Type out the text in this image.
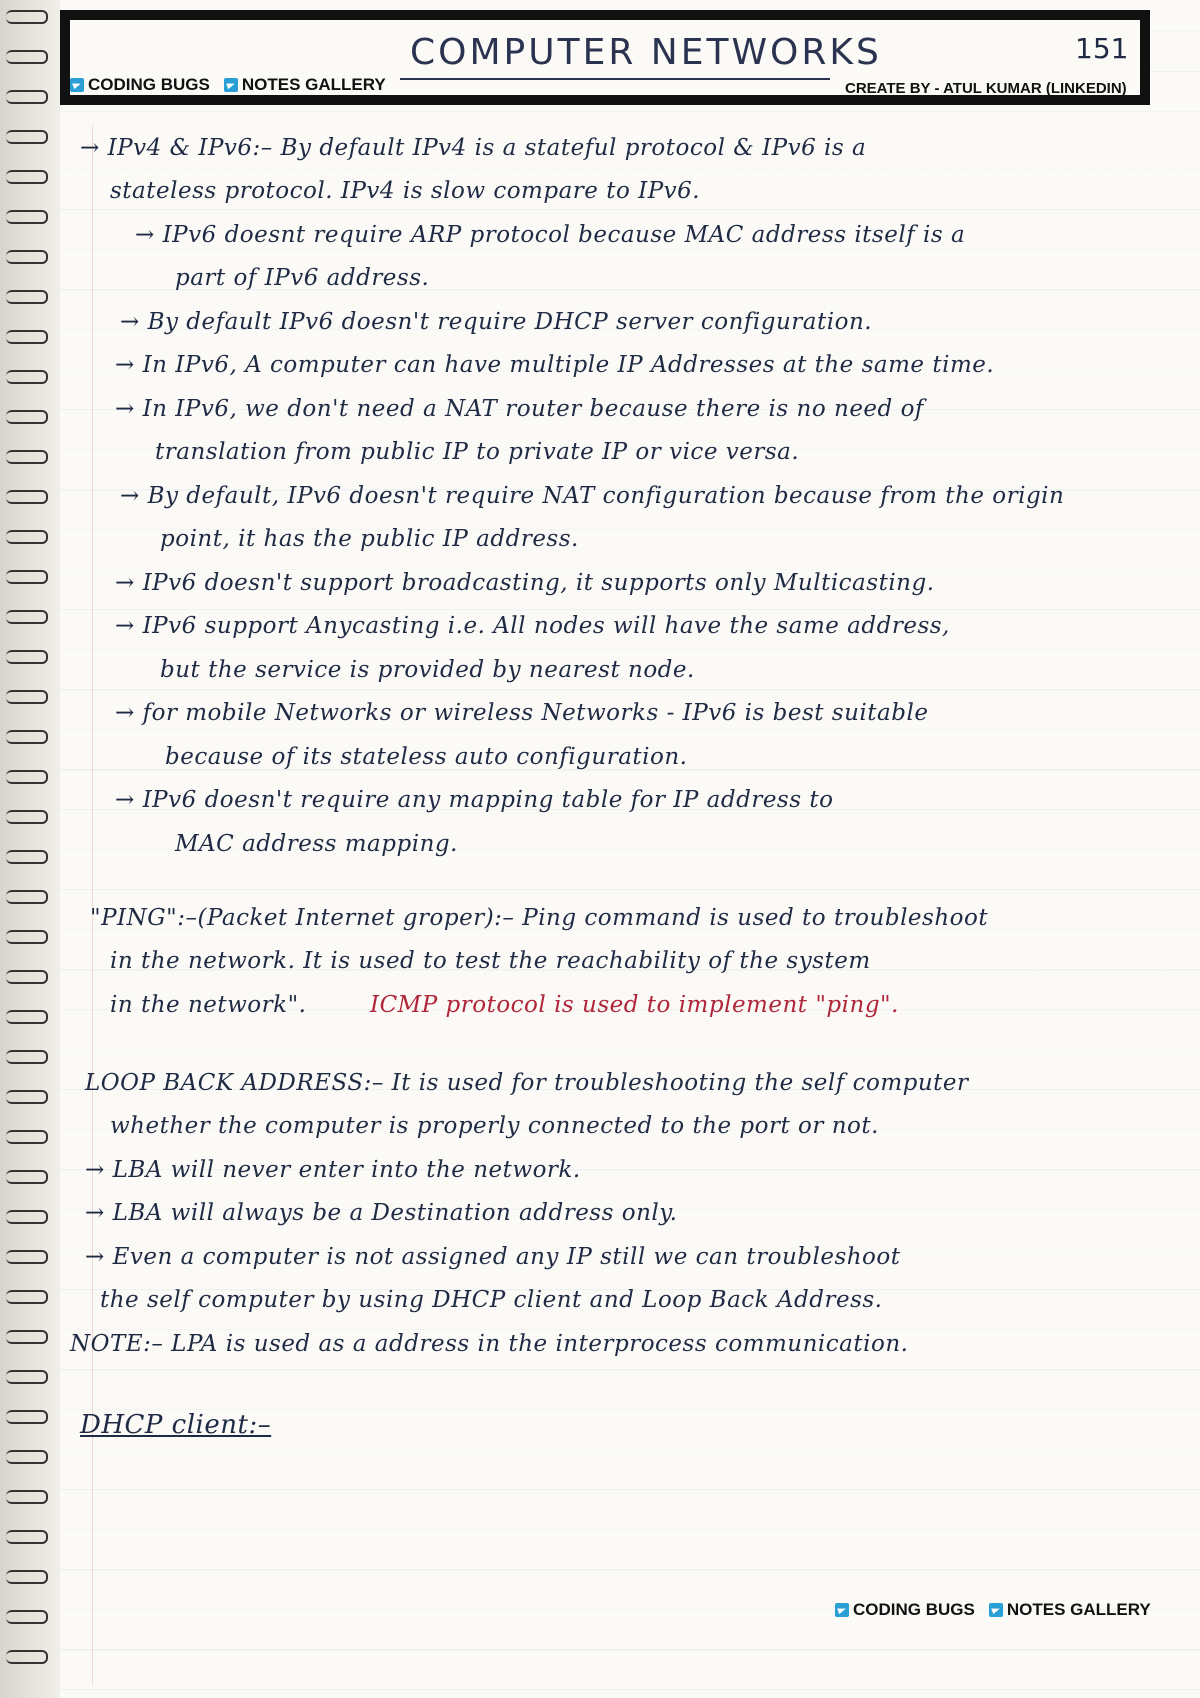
COMPUTER NETWORKS	151
CODING BUGS NOTES GALLERY	CREATE BY - ATUL KUMAR (LINKEDIN)
→ IPv4 & IPv6:– By default IPv4 is a stateful protocol & IPv6 is a
stateless protocol. IPv4 is slow compare to IPv6.
→ IPv6 doesnt require ARP protocol because MAC address itself is a
part of IPv6 address.
→ By default IPv6 doesn't require DHCP server configuration.
→ In IPv6, A computer can have multiple IP Addresses at the same time.
→ In IPv6, we don't need a NAT router because there is no need of
translation from public IP to private IP or vice versa.
→ By default, IPv6 doesn't require NAT configuration because from the origin
point, it has the public IP address.
→ IPv6 doesn't support broadcasting, it supports only Multicasting.
→ IPv6 support Anycasting i.e. All nodes will have the same address,
but the service is provided by nearest node.
→ for mobile Networks or wireless Networks - IPv6 is best suitable
because of its stateless auto configuration.
→ IPv6 doesn't require any mapping table for IP address to
MAC address mapping.
"PING":–(Packet Internet groper):– Ping command is used to troubleshoot
in the network. It is used to test the reachability of the system
in the network".	ICMP protocol is used to implement "ping".
LOOP BACK ADDRESS:– It is used for troubleshooting the self computer
whether the computer is properly connected to the port or not.
→ LBA will never enter into the network.
→ LBA will always be a Destination address only.
→ Even a computer is not assigned any IP still we can troubleshoot
the self computer by using DHCP client and Loop Back Address.
NOTE:– LPA is used as a address in the interprocess communication.
DHCP client:–
CODING BUGS NOTES GALLERY
